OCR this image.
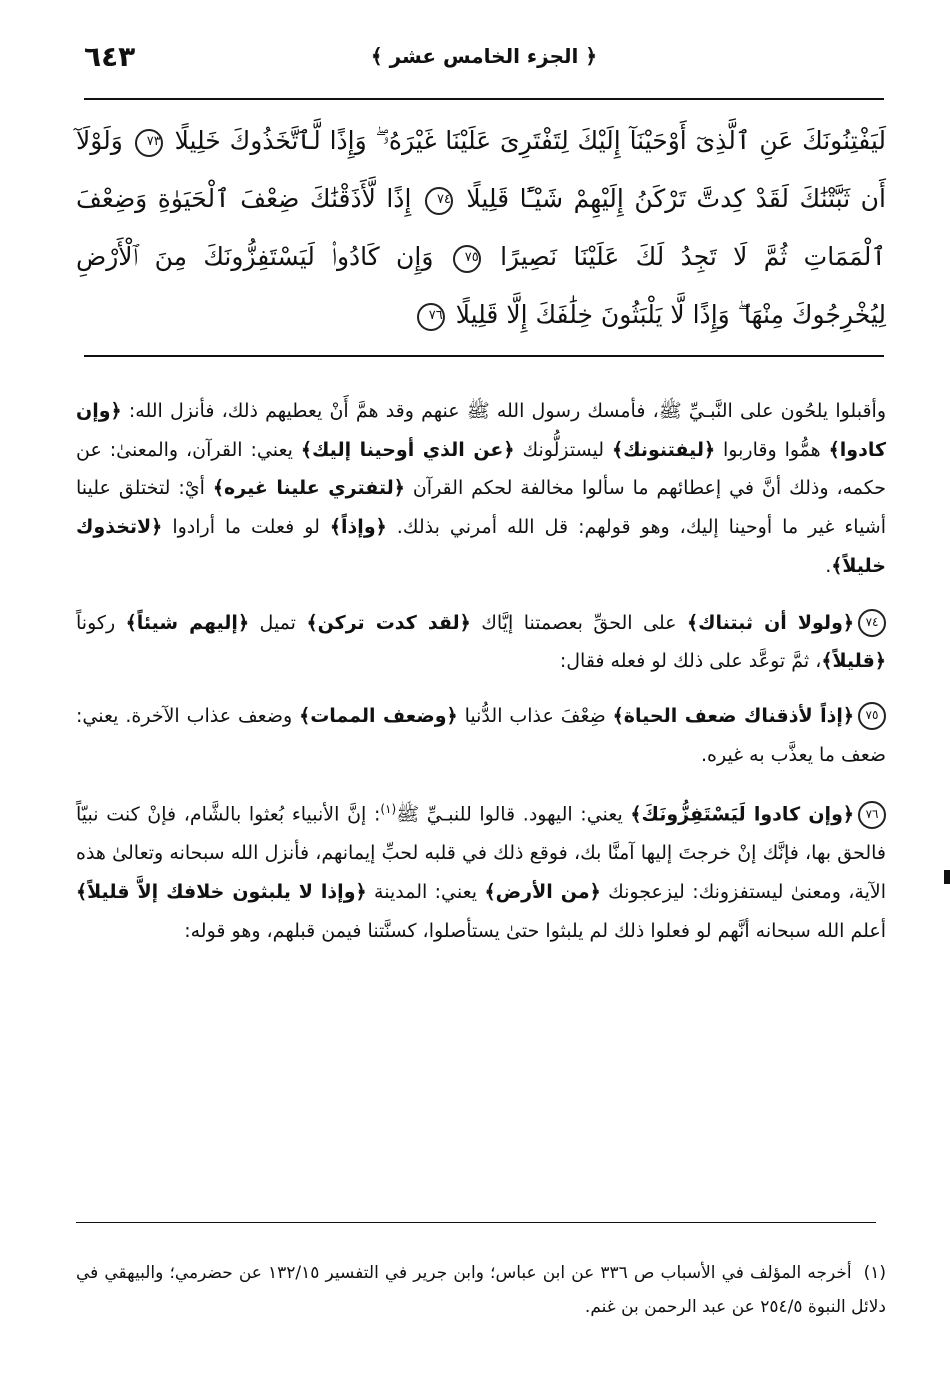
٦٤٣	﴿ الجزء الخامس عشر ﴾
لَيَفْتِنُونَكَ عَنِ ٱلَّذِىٓ أَوْحَيْنَآ إِلَيْكَ لِتَفْتَرِىَ عَلَيْنَا غَيْرَهُۥ ۖ وَإِذًا لَّٱتَّخَذُوكَ خَلِيلًا ٧٣ وَلَوْلَآ أَن ثَبَّتْنَٰكَ لَقَدْ كِدتَّ تَرْكَنُ إِلَيْهِمْ شَيْـًٔا قَلِيلًا ٧٤ إِذًا لَّأَذَقْنَٰكَ ضِعْفَ ٱلْحَيَوٰةِ وَضِعْفَ ٱلْمَمَاتِ ثُمَّ لَا تَجِدُ لَكَ عَلَيْنَا نَصِيرًا ٧٥ وَإِن كَادُوا۟ لَيَسْتَفِزُّونَكَ مِنَ ٱلْأَرْضِ لِيُخْرِجُوكَ مِنْهَا ۖ وَإِذًا لَّا يَلْبَثُونَ خِلَٰفَكَ إِلَّا قَلِيلًا ٧٦

وأقبلوا يلحُون على النَّبـيِّ ﷺ، فأمسك رسول الله ﷺ عنهم وقد همَّ أَنْ يعطيهم ذلك، فأنزل الله: ﴿وإن كادوا﴾ همُّوا وقاربوا ﴿ليفتنونك﴾ ليستزلُّونك ﴿عن الذي أوحينا إليك﴾ يعني: القرآن، والمعنىٰ: عن حكمه، وذلك أنَّ في إعطائهم ما سألوا مخالفة لحكم القرآن ﴿لتفتري علينا غيره﴾ أيْ: لتختلق علينا أشياء غير ما أوحينا إليك، وهو قولهم: قل الله أمرني بذلك. ﴿وإذاً﴾ لو فعلت ما أرادوا ﴿لاتخذوك خليلاً﴾.

٧٤﴿ولولا أن ثبتناك﴾ على الحقِّ بعصمتنا إيَّاك ﴿لقد كدت تركن﴾ تميل ﴿إليهم شيئاً﴾ ركوناً ﴿قليلاً﴾، ثمَّ توعَّد على ذلك لو فعله فقال:

٧٥﴿إذاً لأذقناك ضعف الحياة﴾ ضِعْفَ عذاب الدُّنيا ﴿وضعف الممات﴾ وضعف عذاب الآخرة. يعني: ضعف ما يعذَّب به غيره.

٧٦﴿وإن كادوا لَيَسْتَفِزُّونَكَ﴾ يعني: اليهود. قالوا للنبـيِّ ﷺ$^{(١)}$: إنَّ الأنبياء بُعثوا بالشَّام، فإنْ كنت نبيّاً فالحق بها، فإنَّك إنْ خرجتَ إليها آمنَّا بك، فوقع ذلك في قلبه لحبِّ إيمانهم، فأنزل الله سبحانه وتعالىٰ هذه الآية، ومعنىٰ ليستفزونك: ليزعجونك ﴿من الأرض﴾ يعني: المدينة ﴿وإذا لا يلبثون خلافك إلاَّ قليلاً﴾ أعلم الله سبحانه أنَّهم لو فعلوا ذلك لم يلبثوا حتىٰ يستأصلوا، كسنَّتنا فيمن قبلهم، وهو قوله:

(١)أخرجه المؤلف في الأسباب ص ٣٣٦ عن ابن عباس؛ وابن جرير في التفسير ١٣٢/١٥ عن حضرمي؛ والبيهقي في دلائل النبوة ٢٥٤/٥ عن عبد الرحمن بن غنم.
